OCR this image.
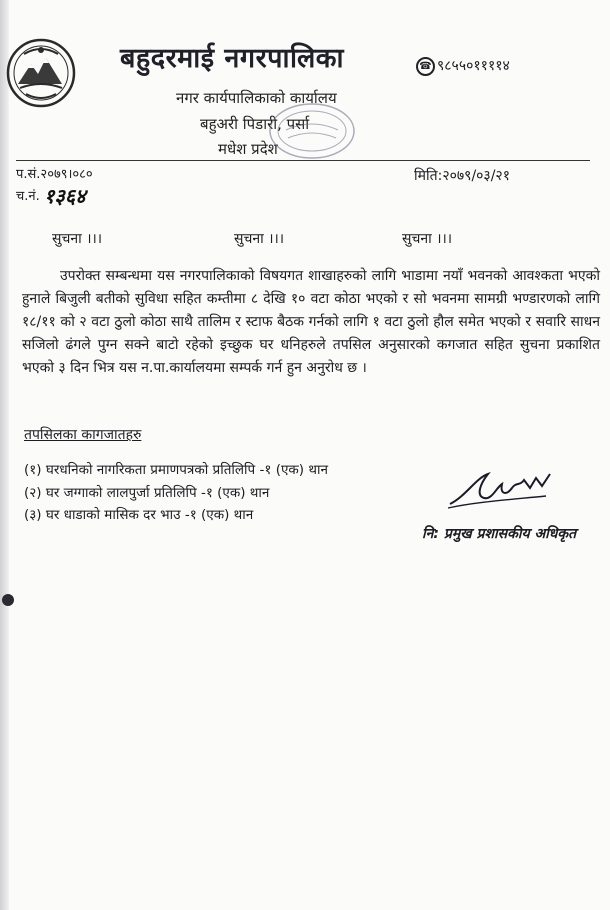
बहुदरमाई नगरपालिका	☎ ९८५५०११११४
नगर कार्यपालिकाको कार्यालय
बहुअरी पिडारी, पर्सा
मधेश प्रदेश
प.सं.२०७९।०८०
च.नं. १३६४
मिति:२०७९/०३/२१
सुचना ।।।	सुचना ।।।	सुचना ।।।
उपरोक्त सम्बन्धमा यस नगरपालिकाको विषयगत शाखाहरुको लागि भाडामा नयाँ भवनको आवश्कता भएको हुनाले बिजुली बतीको सुविधा सहित कम्तीमा ८ देखि १० वटा कोठा भएको र सो भवनमा सामग्री भण्डारणको लागि १८/११ को २ वटा ठुलो कोठा साथै तालिम र स्टाफ बैठक गर्नको लागि १ वटा ठुलो हौल समेत भएको र सवारि साधन सजिलो ढंगले पुग्न सक्ने बाटो रहेको इच्छुक घर धनिहरुले तपसिल अनुसारको कगजात सहित सुचना प्रकाशित भएको ३ दिन भित्र यस न.पा.कार्यालयमा सम्पर्क गर्न हुन अनुरोध छ ।
तपसिलका कागजातहरु
(१) घरधनिको नागरिकता प्रमाणपत्रको प्रतिलिपि -१ (एक) थान
(२) घर जग्गाको लालपुर्जा प्रतिलिपि -१ (एक) थान
(३) घर धाडाको मासिक दर भाउ -१ (एक) थान
नि: प्रमुख प्रशासकीय अधिकृत
